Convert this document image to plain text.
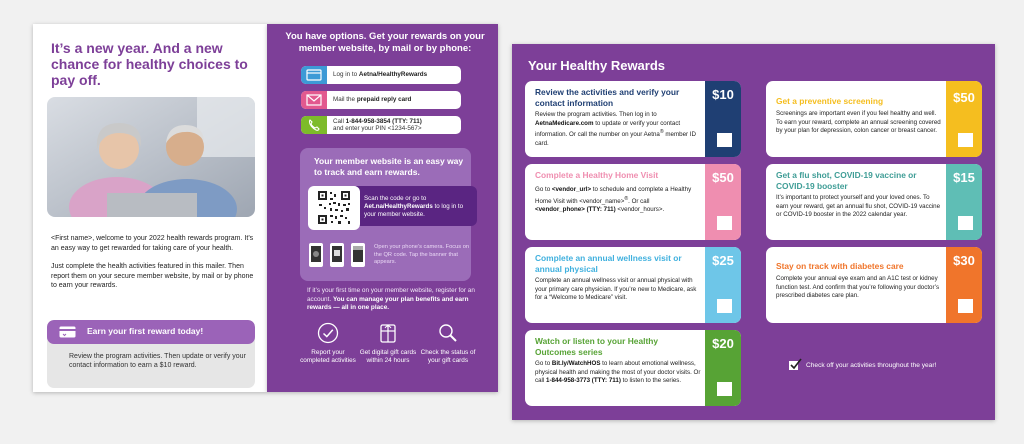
It’s a new year. And a new chance for healthy choices to pay off.

<First name>, welcome to your 2022 health rewards program. It’s an easy way to get rewarded for taking care of your health.

Just complete the health activities featured in this mailer. Then report them on your secure member website, by mail or by phone to earn your rewards.

Earn your first reward today!
Review the program activities. Then update or verify your contact information to earn a $10 reward.
You have options. Get your rewards on your member website, by mail or by phone:
Log in to Aetna/HealthyRewards
Mail the prepaid reply card
Call 1-844-958-3854 (TTY: 711)
and enter your PIN <1234-567>
Your member website is an easy way to track and earn rewards.
Scan the code or go to Aet.na/HealthyRewards to log in to your member website.
Open your phone’s camera. Focus on the QR code. Tap the banner that appears.
If it’s your first time on your member website, register for an account. You can manage your plan benefits and earn rewards — all in one place.
Report your completed activities
Get digital gift cards within 24 hours
Check the status of your gift cards
Your Healthy Rewards
$10
Review the activities and verify your contact information
Review the program activities. Then log in to AetnaMedicare.com to update or verify your contact information. Or call the number on your Aetna® member ID card.
$50
Complete a Healthy Home Visit
Go to <vendor_url> to schedule and complete a Healthy Home Visit with <vendor_name>®. Or call <vendor_phone> (TTY: 711) <vendor_hours>.
$25
Complete an annual wellness visit or annual physical
Complete an annual wellness visit or annual physical with your primary care physician. If you’re new to Medicare, ask for a “Welcome to Medicare” visit.
$20
Watch or listen to your Healthy Outcomes series
Go to Bit.ly/WatchHOS to learn about emotional wellness, physical health and making the most of your doctor visits. Or call 1-844-958-3773 (TTY: 711) to listen to the series.
$50
Get a preventive screening
Screenings are important even if you feel healthy and well. To earn your reward, complete an annual screening covered by your plan for depression, colon cancer or breast cancer.
$15
Get a flu shot, COVID-19 vaccine or COVID-19 booster
It’s important to protect yourself and your loved ones. To earn your reward, get an annual flu shot, COVID-19 vaccine or COVID-19 booster in the 2022 calendar year.
$30
Stay on track with diabetes care
Complete your annual eye exam and an A1C test or kidney function test. And confirm that you’re following your doctor’s prescribed diabetes care plan.
Check off your activities throughout the year!
